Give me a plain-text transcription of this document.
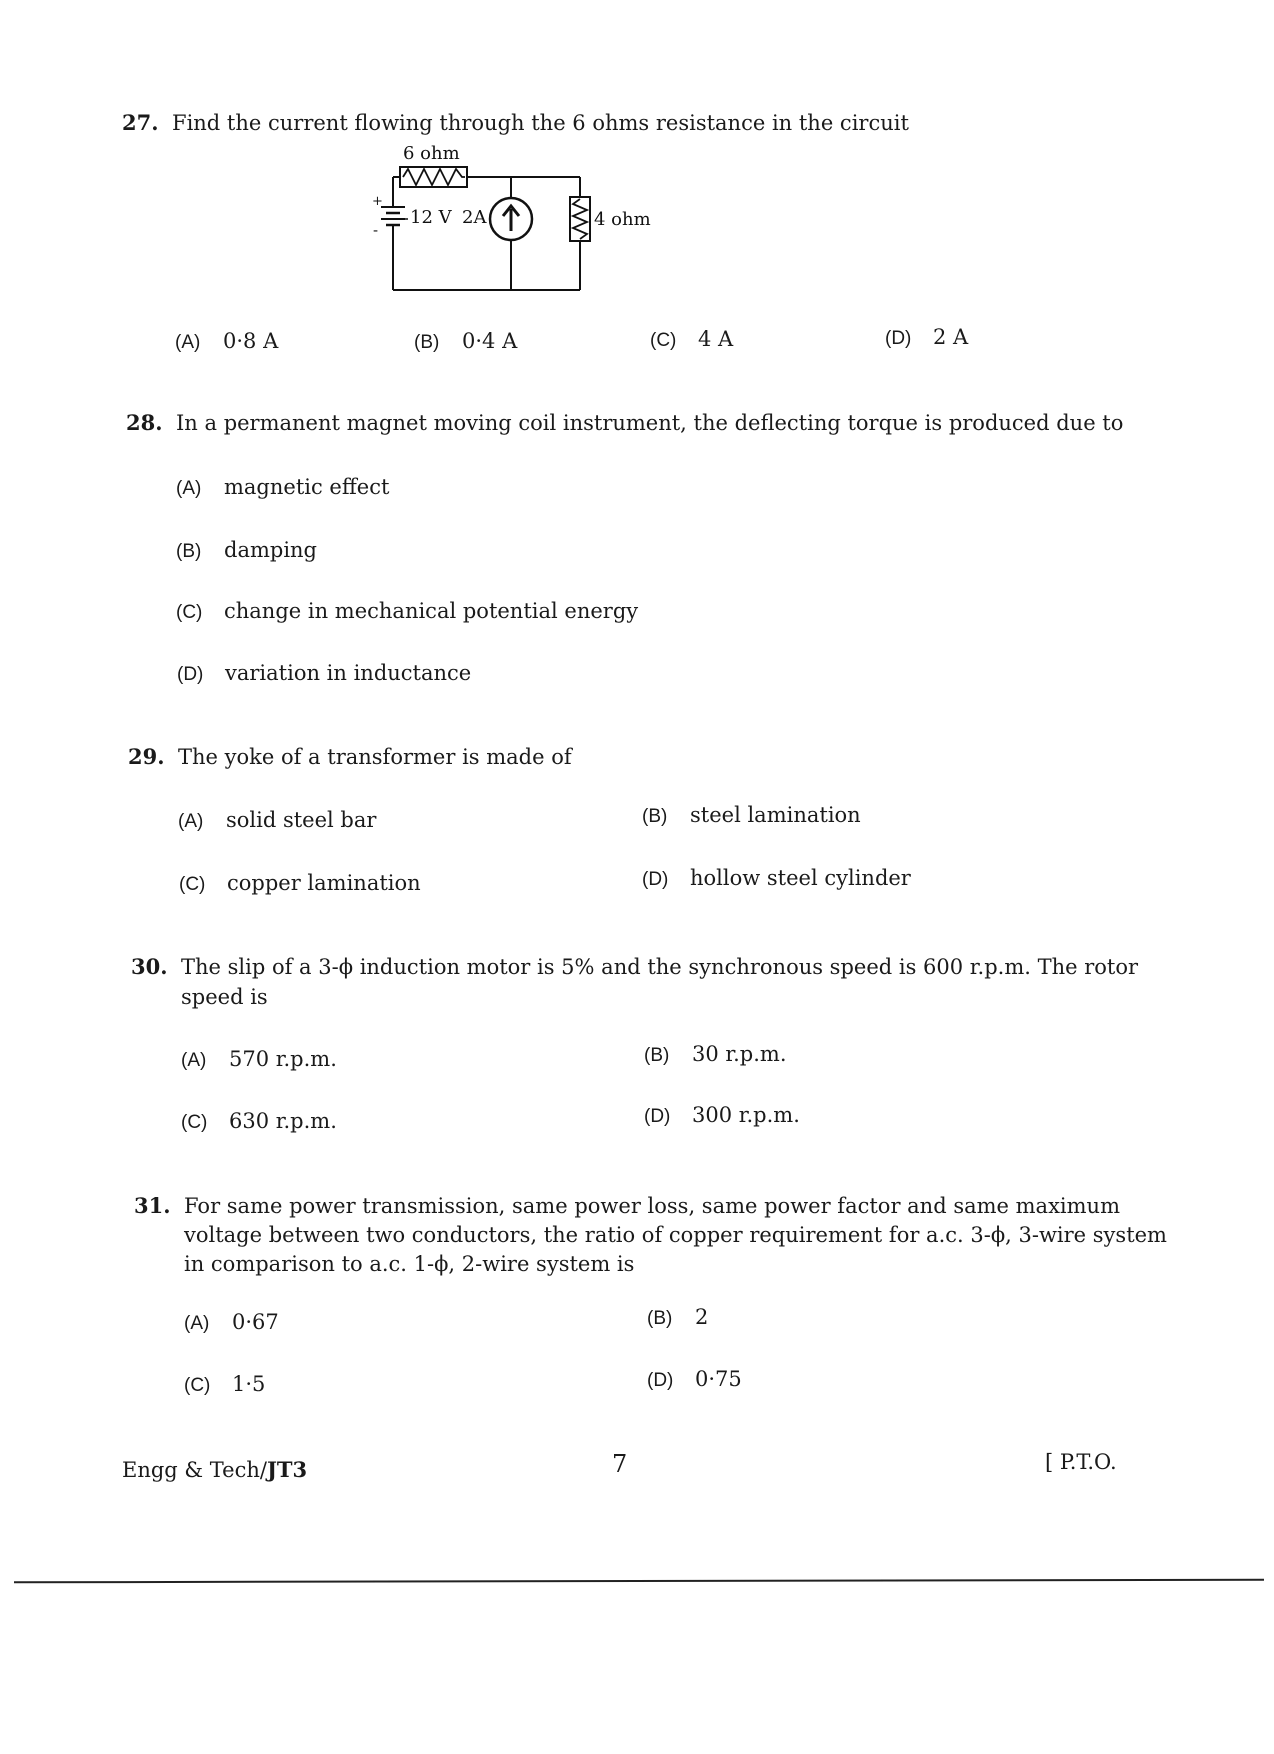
27. Find the current flowing through the 6 ohms resistance in the circuit
6 ohm
+
-
12 V 2A	4 ohm
(A) 0·8 A	(B) 0·4 A	(C) 4 A	(D) 2 A
28. In a permanent magnet moving coil instrument, the deflecting torque is produced due to
(A) magnetic effect
(B) damping
(C) change in mechanical potential energy
(D) variation in inductance
29. The yoke of a transformer is made of
(A) solid steel bar	(B) steel lamination
(C) copper lamination	(D) hollow steel cylinder
30. The slip of a 3-ϕ induction motor is 5% and the synchronous speed is 600 r.p.m. The rotor
speed is
(A) 570 r.p.m.	(B) 30 r.p.m.
(C) 630 r.p.m.	(D) 300 r.p.m.
31. For same power transmission, same power loss, same power factor and same maximum
voltage between two conductors, the ratio of copper requirement for a.c. 3-ϕ, 3-wire system
in comparison to a.c. 1-ϕ, 2-wire system is
(A) 0·67	(B) 2
(C) 1·5	(D) 0·75
Engg & Tech/JT3	7	[ P.T.O.
